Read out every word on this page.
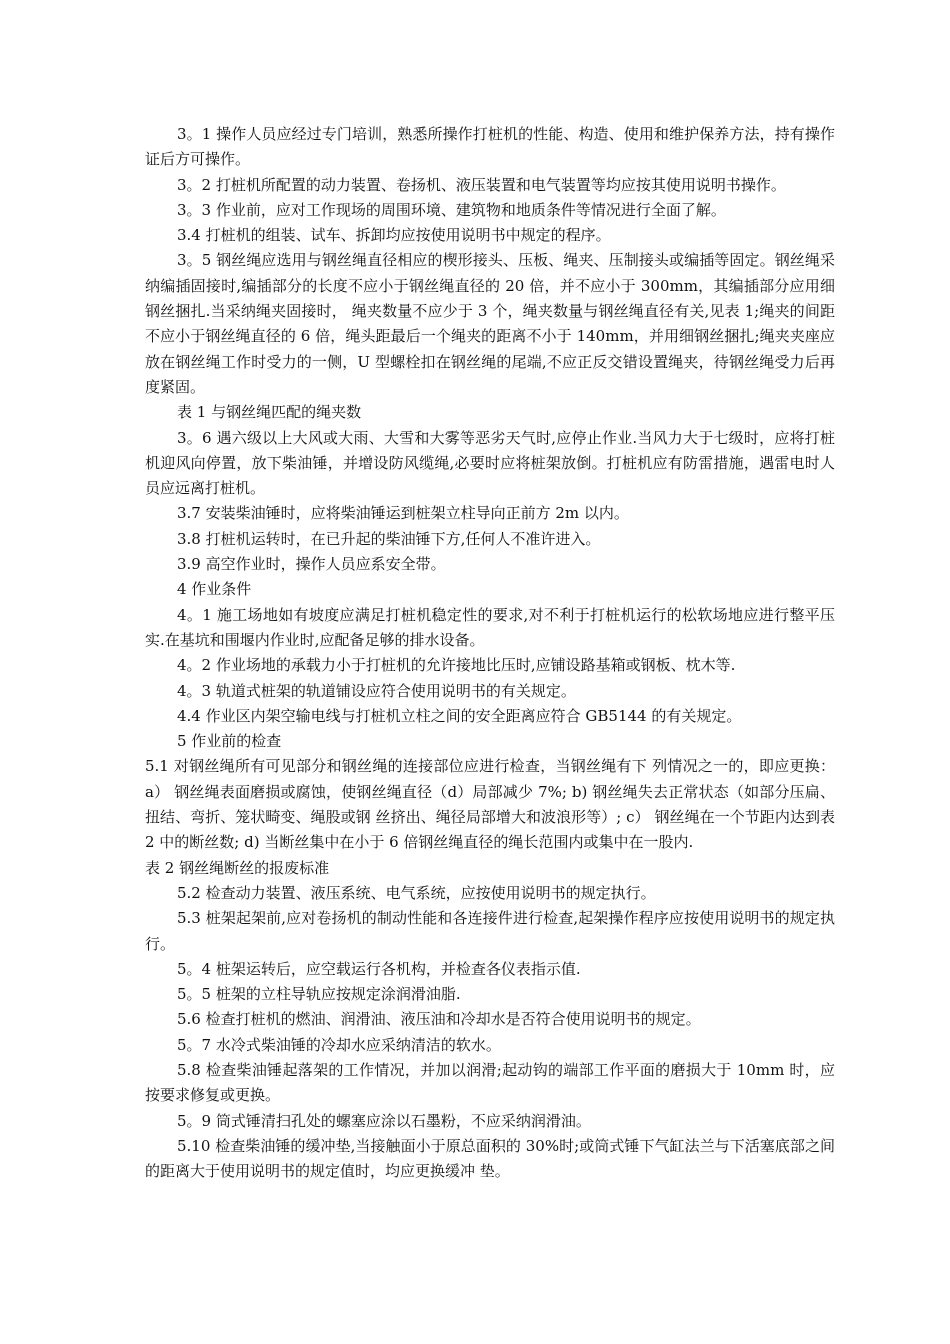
3。1 操作人员应经过专门培训，熟悉所操作打桩机的性能、构造、使用和维护保养方法，持有操作证后方可操作。

3。2 打桩机所配置的动力装置、卷扬机、液压装置和电气装置等均应按其使用说明书操作。

3。3 作业前，应对工作现场的周围环境、建筑物和地质条件等情况进行全面了解。

3.4 打桩机的组装、试车、拆卸均应按使用说明书中规定的程序。

3。5 钢丝绳应选用与钢丝绳直径相应的楔形接头、压板、绳夹、压制接头或编插等固定。钢丝绳采纳编插固接时,编插部分的长度不应小于钢丝绳直径的 20 倍，并不应小于 300mm，其编插部分应用细钢丝捆扎.当采纳绳夹固接时， 绳夹数量不应少于 3 个，绳夹数量与钢丝绳直径有关,见表 1;绳夹的间距不应小于钢丝绳直径的 6 倍，绳头距最后一个绳夹的距离不小于 140mm，并用细钢丝捆扎;绳夹夹座应放在钢丝绳工作时受力的一侧，U 型螺栓扣在钢丝绳的尾端,不应正反交错设置绳夹，待钢丝绳受力后再度紧固。

表 1 与钢丝绳匹配的绳夹数

3。6 遇六级以上大风或大雨、大雪和大雾等恶劣天气时,应停止作业.当风力大于七级时，应将打桩机迎风向停置，放下柴油锤，并增设防风缆绳,必要时应将桩架放倒。打桩机应有防雷措施，遇雷电时人员应远离打桩机。

3.7 安装柴油锤时，应将柴油锤运到桩架立柱导向正前方 2m 以内。

3.8 打桩机运转时，在已升起的柴油锤下方,任何人不准许进入。

3.9 高空作业时，操作人员应系安全带。

4 作业条件

4。1 施工场地如有坡度应满足打桩机稳定性的要求,对不利于打桩机运行的松软场地应进行整平压实.在基坑和围堰内作业时,应配备足够的排水设备。

4。2 作业场地的承载力小于打桩机的允许接地比压时,应铺设路基箱或钢板、枕木等.

4。3 轨道式桩架的轨道铺设应符合使用说明书的有关规定。

4.4 作业区内架空输电线与打桩机立柱之间的安全距离应符合 GB5144 的有关规定。

5 作业前的检查

5.1 对钢丝绳所有可见部分和钢丝绳的连接部位应进行检查，当钢丝绳有下 列情况之一的，即应更换： a） 钢丝绳表面磨损或腐蚀，使钢丝绳直径（d）局部减少 7%; b) 钢丝绳失去正常状态（如部分压扁、扭结、弯折、笼状畸变、绳股或钢 丝挤出、绳径局部增大和波浪形等）; c） 钢丝绳在一个节距内达到表 2 中的断丝数; d) 当断丝集中在小于 6 倍钢丝绳直径的绳长范围内或集中在一股内.

表 2 钢丝绳断丝的报废标准

5.2 检查动力装置、液压系统、电气系统，应按使用说明书的规定执行。

5.3 桩架起架前,应对卷扬机的制动性能和各连接件进行检查,起架操作程序应按使用说明书的规定执行。

5。4 桩架运转后，应空载运行各机构，并检查各仪表指示值.

5。5 桩架的立柱导轨应按规定涂润滑油脂.

5.6 检查打桩机的燃油、润滑油、液压油和冷却水是否符合使用说明书的规定。

5。7 水冷式柴油锤的冷却水应采纳清洁的软水。

5.8 检查柴油锤起落架的工作情况，并加以润滑;起动钩的端部工作平面的磨损大于 10mm 时，应按要求修复或更换。

5。9 筒式锤清扫孔处的螺塞应涂以石墨粉，不应采纳润滑油。

5.10 检查柴油锤的缓冲垫,当接触面小于原总面积的 30%时;或筒式锤下气缸法兰与下活塞底部之间的距离大于使用说明书的规定值时，均应更换缓冲 垫。
